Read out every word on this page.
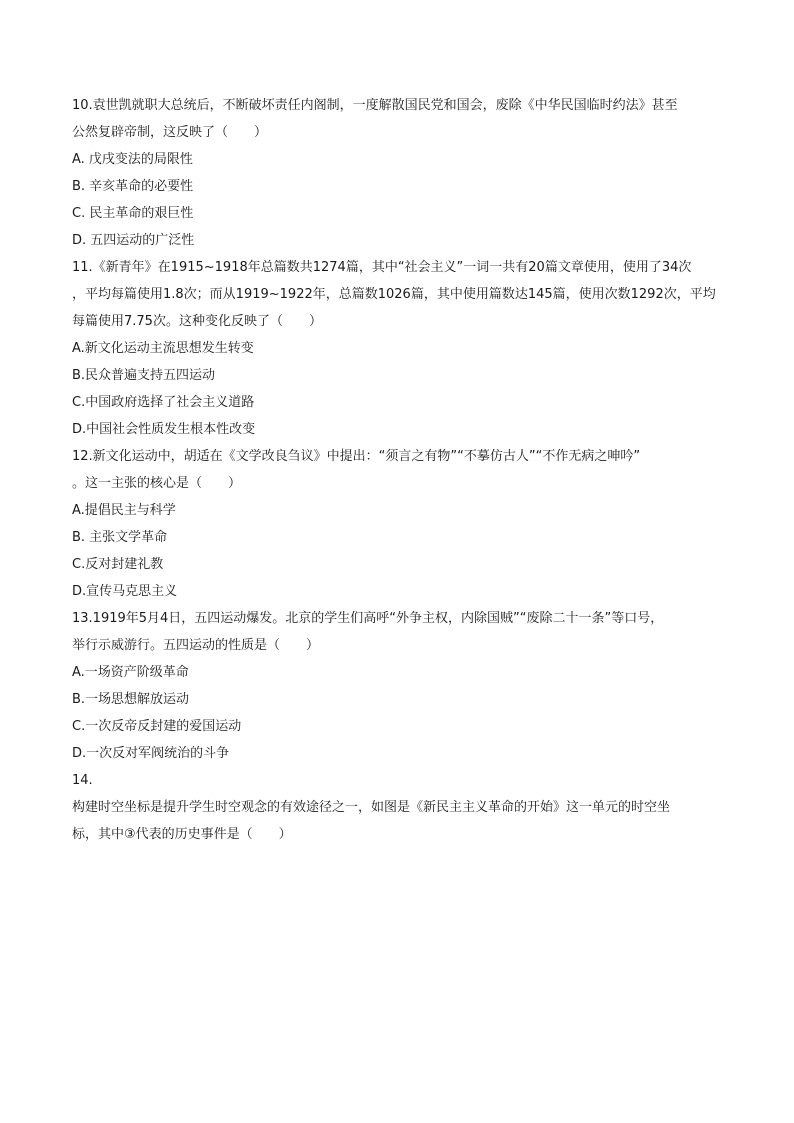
10.袁世凯就职大总统后，不断破坏责任内阁制，一度解散国民党和国会，废除《中华民国临时约法》甚至
公然复辟帝制，这反映了（　　）
A. 戊戌变法的局限性
B. 辛亥革命的必要性
C. 民主革命的艰巨性
D. 五四运动的广泛性
11.《新青年》在1915~1918年总篇数共1274篇，其中“社会主义”一词一共有20篇文章使用，使用了34次
，平均每篇使用1.8次；而从1919~1922年，总篇数1026篇，其中使用篇数达145篇，使用次数1292次，平均
每篇使用7.75次。这种变化反映了（　　）
A.新文化运动主流思想发生转变
B.民众普遍支持五四运动
C.中国政府选择了社会主义道路
D.中国社会性质发生根本性改变
12.新文化运动中，胡适在《文学改良刍议》中提出：“须言之有物”“不摹仿古人”“不作无病之呻吟”
。这一主张的核心是（　　）
A.提倡民主与科学
B. 主张文学革命
C.反对封建礼教
D.宣传马克思主义
13.1919年5月4日，五四运动爆发。北京的学生们高呼“外争主权，内除国贼”“废除二十一条”等口号，
举行示威游行。五四运动的性质是（　　）
A.一场资产阶级革命
B.一场思想解放运动
C.一次反帝反封建的爱国运动
D.一次反对军阀统治的斗争
14.
构建时空坐标是提升学生时空观念的有效途径之一，如图是《新民主主义革命的开始》这一单元的时空坐
标，其中③代表的历史事件是（　　）
